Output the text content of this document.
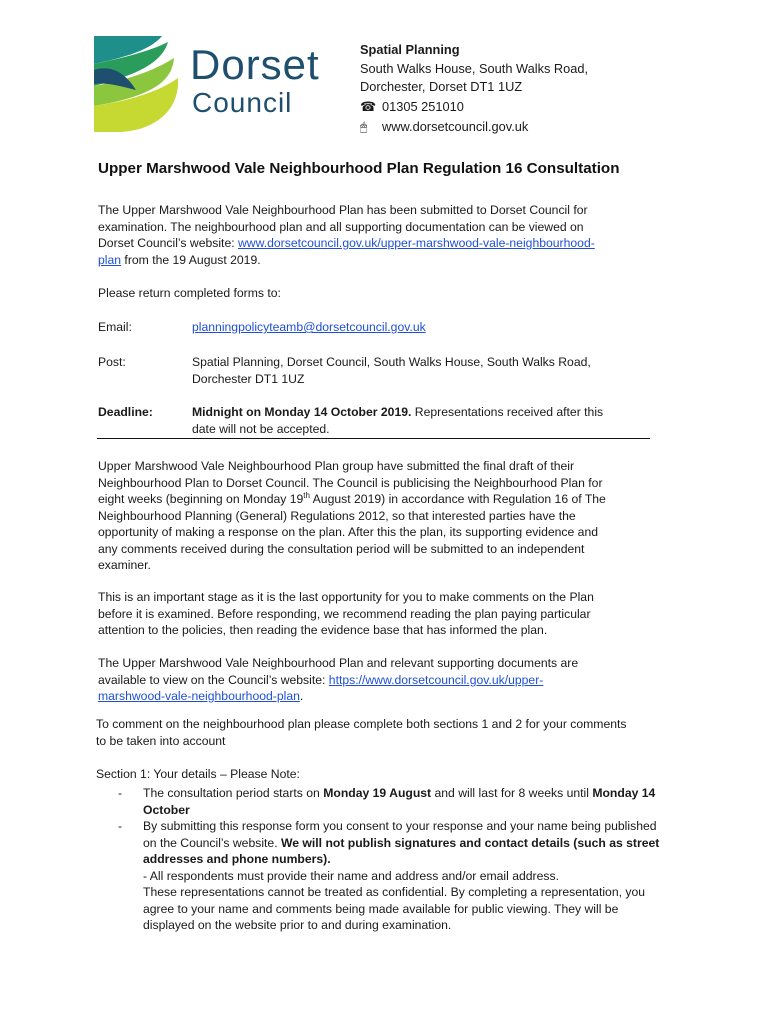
Dorset
Council
Spatial Planning
South Walks House, South Walks Road,
Dorchester, Dorset DT1 1UZ
☎ 01305 251010
🖱 www.dorsetcouncil.gov.uk
Upper Marshwood Vale Neighbourhood Plan Regulation 16 Consultation
The Upper Marshwood Vale Neighbourhood Plan has been submitted to Dorset Council for
examination. The neighbourhood plan and all supporting documentation can be viewed on
Dorset Council’s website: www.dorsetcouncil.gov.uk/upper-marshwood-vale-neighbourhood-
plan from the 19 August 2019.
Please return completed forms to:
Email:	planningpolicyteamb@dorsetcouncil.gov.uk
Post:	Spatial Planning, Dorset Council, South Walks House, South Walks Road,
Dorchester DT1 1UZ
Deadline:	Midnight on Monday 14 October 2019. Representations received after this
date will not be accepted.
Upper Marshwood Vale Neighbourhood Plan group have submitted the final draft of their
Neighbourhood Plan to Dorset Council. The Council is publicising the Neighbourhood Plan for
eight weeks (beginning on Monday 19th August 2019) in accordance with Regulation 16 of The
Neighbourhood Planning (General) Regulations 2012, so that interested parties have the
opportunity of making a response on the plan. After this the plan, its supporting evidence and
any comments received during the consultation period will be submitted to an independent
examiner.
This is an important stage as it is the last opportunity for you to make comments on the Plan
before it is examined. Before responding, we recommend reading the plan paying particular
attention to the policies, then reading the evidence base that has informed the plan.
The Upper Marshwood Vale Neighbourhood Plan and relevant supporting documents are
available to view on the Council’s website: https://www.dorsetcouncil.gov.uk/upper-
marshwood-vale-neighbourhood-plan.
To comment on the neighbourhood plan please complete both sections 1 and 2 for your comments
to be taken into account
Section 1: Your details – Please Note:
- The consultation period starts on Monday 19 August and will last for 8 weeks until Monday 14
October
- By submitting this response form you consent to your response and your name being published
on the Council’s website. We will not publish signatures and contact details (such as street
addresses and phone numbers).
- All respondents must provide their name and address and/or email address.
These representations cannot be treated as confidential. By completing a representation, you
agree to your name and comments being made available for public viewing. They will be
displayed on the website prior to and during examination.
